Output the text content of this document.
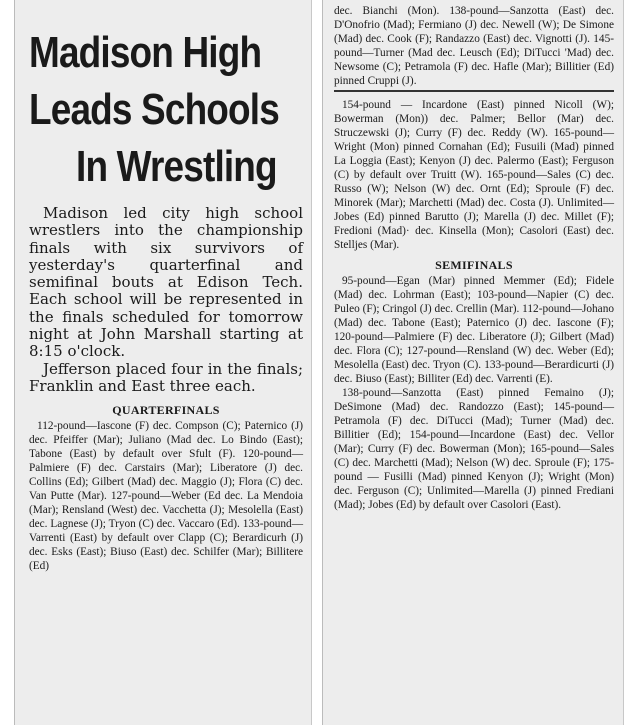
Madison High
Leads Schools
In Wrestling

Madison led city high school wrestlers into the championship finals with six survivors of yesterday's quarterfinal and semifinal bouts at Edison Tech. Each school will be represented in the finals scheduled for tomorrow night at John Marshall starting at 8:15 o'clock.

Jefferson placed four in the finals; Franklin and East three each.

QUARTERFINALS

112-pound—Iascone (F) dec. Compson (C); Paternico (J) dec. Pfeiffer (Mar); Juliano (Mad dec. Lo Bindo (East); Tabone (East) by default over Sfult (F). 120-pound—Palmiere (F) dec. Carstairs (Mar); Liberatore (J) dec. Collins (Ed); Gilbert (Mad) dec. Maggio (J); Flora (C) dec. Van Putte (Mar). 127-pound—Weber (Ed dec. La Mendoia (Mar); Rensland (West) dec. Vacchetta (J); Mesolella (East) dec. Lagnese (J); Tryon (C) dec. Vaccaro (Ed). 133-pound—Varrenti (East) by default over Clapp (C); Berardicurh (J) dec. Esks (East); Biuso (East) dec. Schilfer (Mar); Billitere (Ed)

dec. Bianchi (Mon). 138-pound—Sanzotta (East) dec. D'Onofrio (Mad); Fermiano (J) dec. Newell (W); De Simone (Mad) dec. Cook (F); Randazzo (East) dec. Vignotti (J). 145-pound—Turner (Mad dec. Leusch (Ed); DiTucci 'Mad) dec. Newsome (C); Petramola (F) dec. Hafle (Mar); Billitier (Ed) pinned Cruppi (J).

154-pound — Incardone (East) pinned Nicoll (W); Bowerman (Mon)) dec. Palmer; Bellor (Mar) dec. Struczewski (J); Curry (F) dec. Reddy (W). 165-pound—Wright (Mon) pinned Cornahan (Ed); Fusuili (Mad) pinned La Loggia (East); Kenyon (J) dec. Palermo (East); Ferguson (C) by default over Truitt (W). 165-pound—Sales (C) dec. Russo (W); Nelson (W) dec. Ornt (Ed); Sproule (F) dec. Minorek (Mar); Marchetti (Mad) dec. Costa (J). Unlimited—Jobes (Ed) pinned Barutto (J); Marella (J) dec. Millet (F); Fredioni (Mad)· dec. Kinsella (Mon); Casolori (East) dec. Stelljes (Mar).

SEMIFINALS

95-pound—Egan (Mar) pinned Memmer (Ed); Fidele (Mad) dec. Lohrman (East); 103-pound—Napier (C) dec. Puleo (F); Cringol (J) dec. Crellin (Mar). 112-pound—Johano (Mad) dec. Tabone (East); Paternico (J) dec. Iascone (F); 120-pound—Palmiere (F) dec. Liberatore (J); Gilbert (Mad) dec. Flora (C); 127-pound—Rensland (W) dec. Weber (Ed); Mesolella (East) dec. Tryon (C). 133-pound—Berardicurti (J) dec. Biuso (East); Billiter (Ed) dec. Varrenti (E).

138-pound—Sanzotta (East) pinned Femaino (J); DeSimone (Mad) dec. Randozzo (East); 145-pound—Petramola (F) dec. DiTucci (Mad); Turner (Mad) dec. Billitier (Ed); 154-pound—Incardone (East) dec. Vellor (Mar); Curry (F) dec. Bowerman (Mon); 165-pound—Sales (C) dec. Marchetti (Mad); Nelson (W) dec. Sproule (F); 175-pound — Fusilli (Mad) pinned Kenyon (J); Wright (Mon) dec. Ferguson (C); Unlimited—Marella (J) pinned Frediani (Mad); Jobes (Ed) by default over Casolori (East).
